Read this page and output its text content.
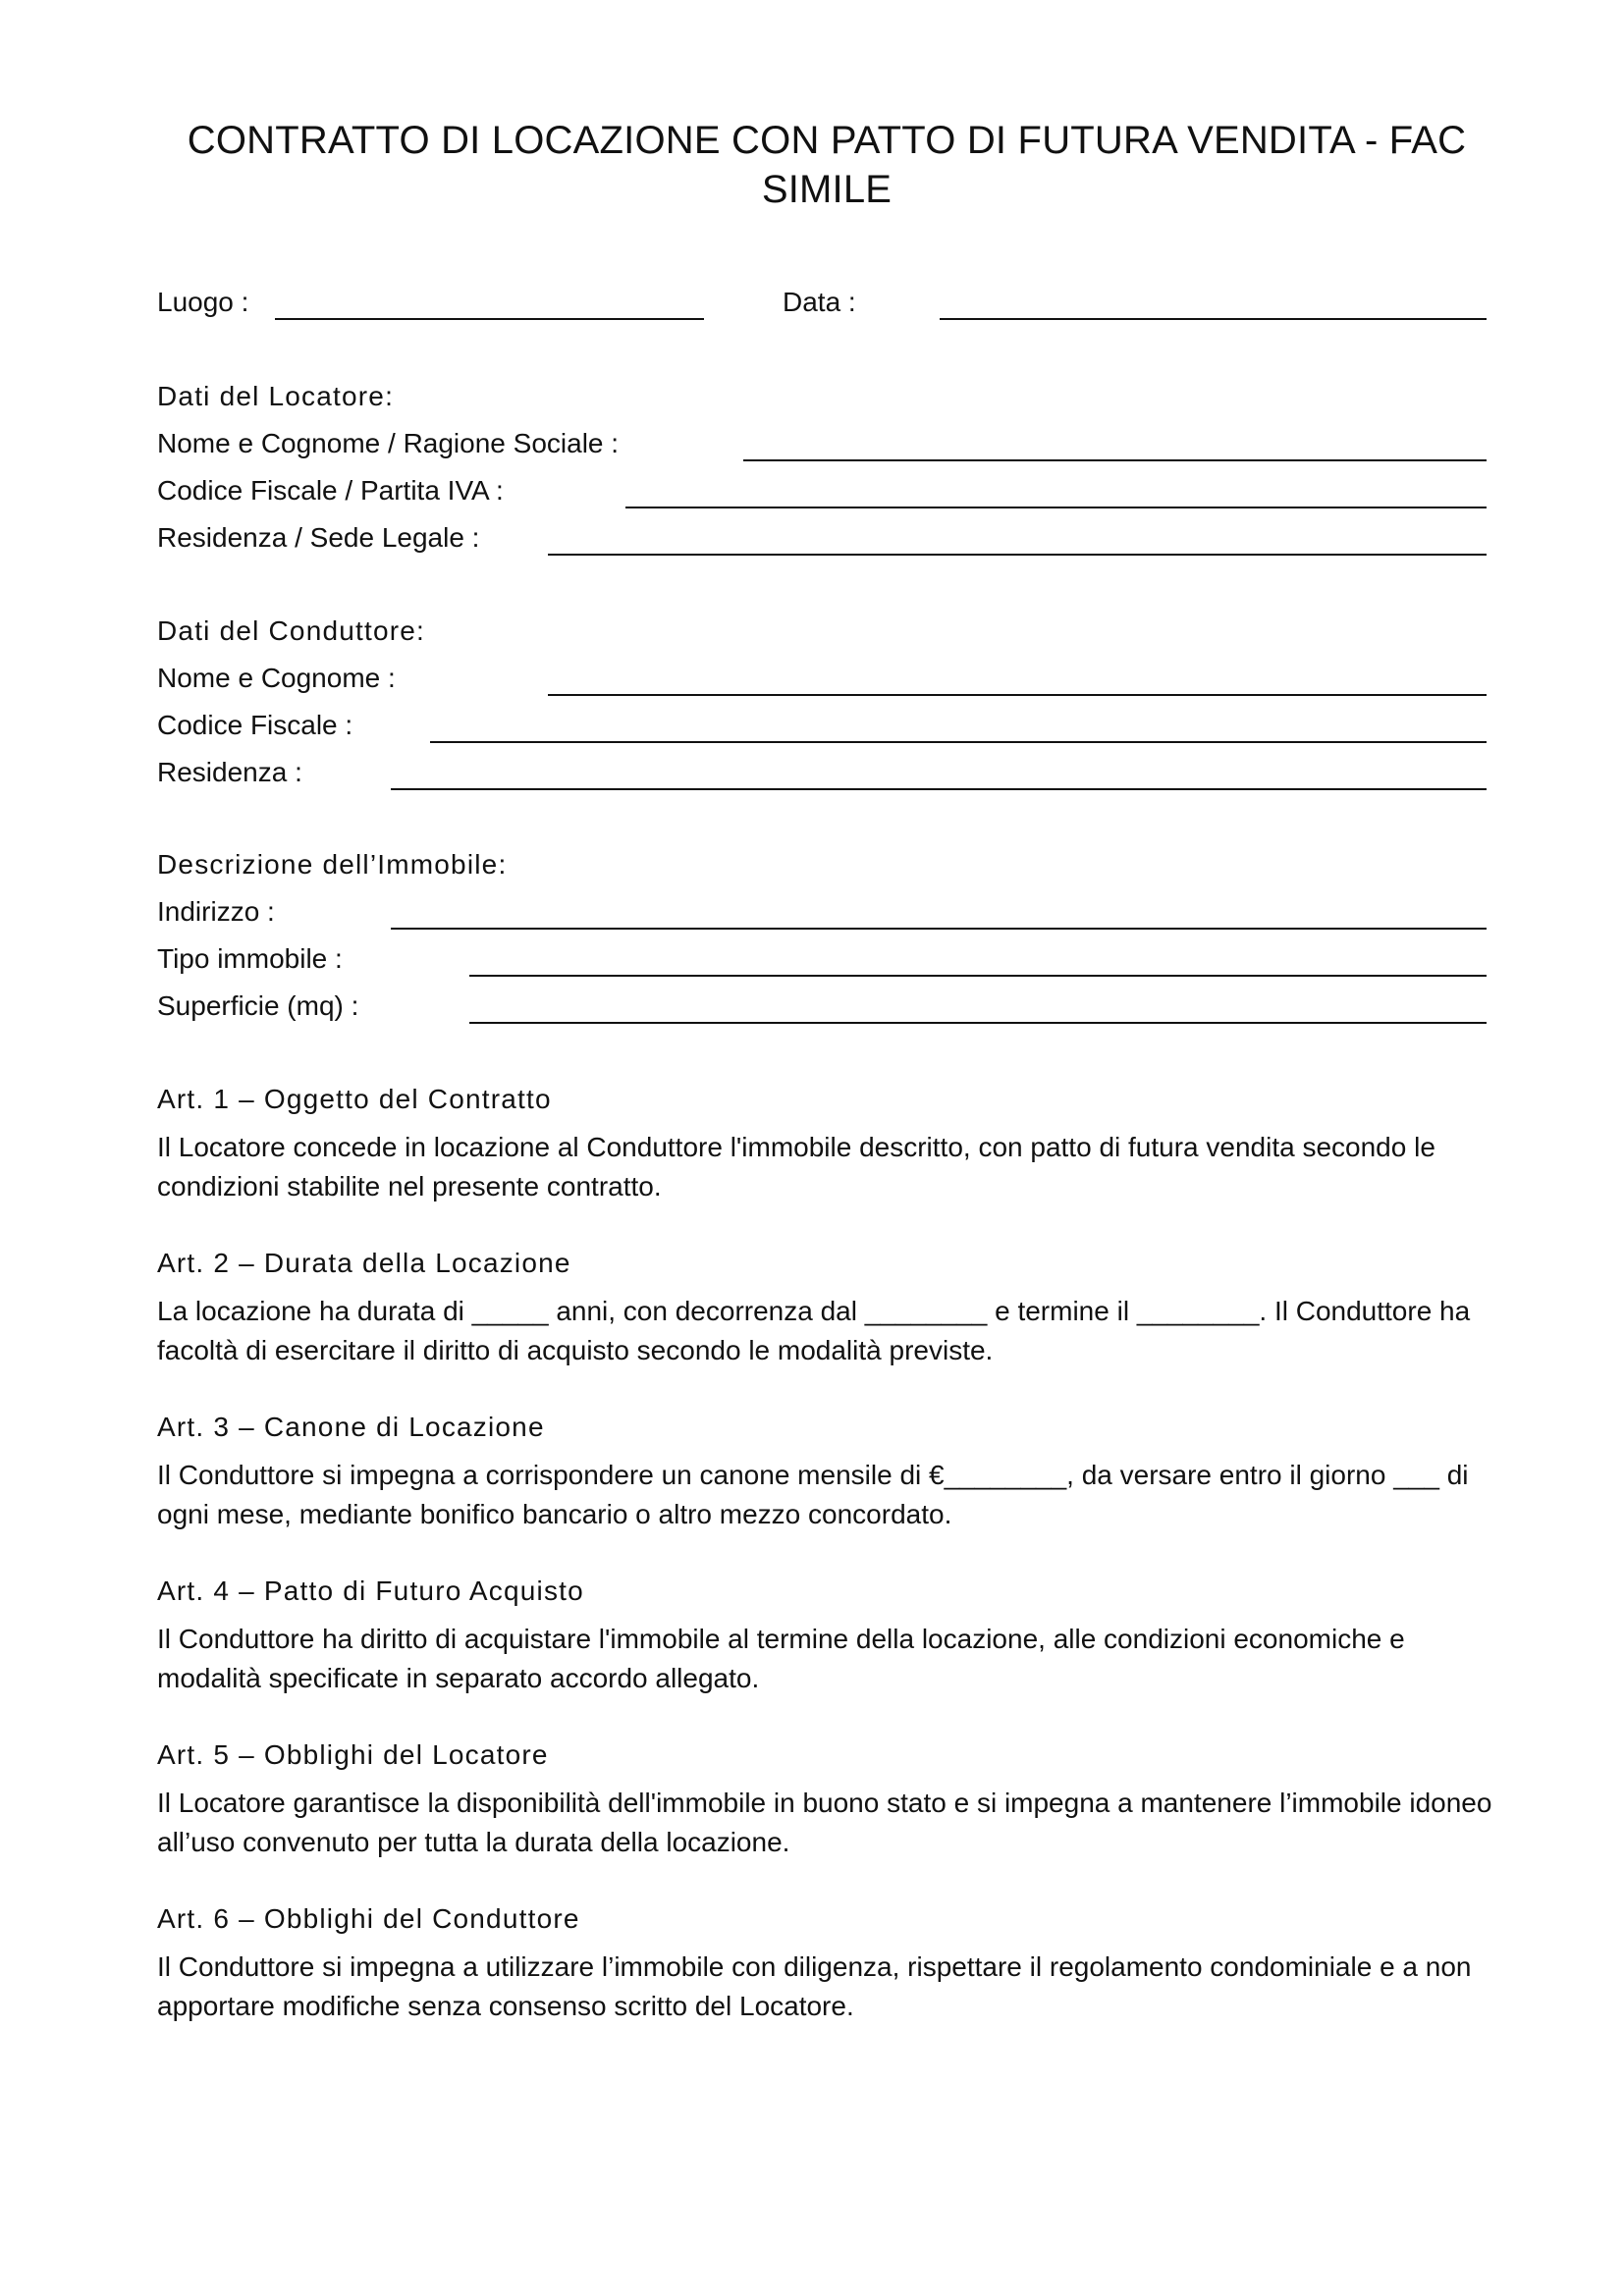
CONTRATTO DI LOCAZIONE CON PATTO DI FUTURA VENDITA - FAC SIMILE
Luogo :	Data :
Dati del Locatore:
Nome e Cognome / Ragione Sociale :
Codice Fiscale / Partita IVA :
Residenza / Sede Legale :
Dati del Conduttore:
Nome e Cognome :
Codice Fiscale :
Residenza :
Descrizione dell’Immobile:
Indirizzo :
Tipo immobile :
Superficie (mq) :
Art. 1 – Oggetto del Contratto
Il Locatore concede in locazione al Conduttore l'immobile descritto, con patto di futura vendita secondo le condizioni stabilite nel presente contratto.
Art. 2 – Durata della Locazione
La locazione ha durata di _____ anni, con decorrenza dal ________ e termine il ________. Il Conduttore ha facoltà di esercitare il diritto di acquisto secondo le modalità previste.
Art. 3 – Canone di Locazione
Il Conduttore si impegna a corrispondere un canone mensile di €________, da versare entro il giorno ___ di ogni mese, mediante bonifico bancario o altro mezzo concordato.
Art. 4 – Patto di Futuro Acquisto
Il Conduttore ha diritto di acquistare l'immobile al termine della locazione, alle condizioni economiche e modalità specificate in separato accordo allegato.
Art. 5 – Obblighi del Locatore
Il Locatore garantisce la disponibilità dell'immobile in buono stato e si impegna a mantenere l’immobile idoneo all’uso convenuto per tutta la durata della locazione.
Art. 6 – Obblighi del Conduttore
Il Conduttore si impegna a utilizzare l’immobile con diligenza, rispettare il regolamento condominiale e a non apportare modifiche senza consenso scritto del Locatore.
